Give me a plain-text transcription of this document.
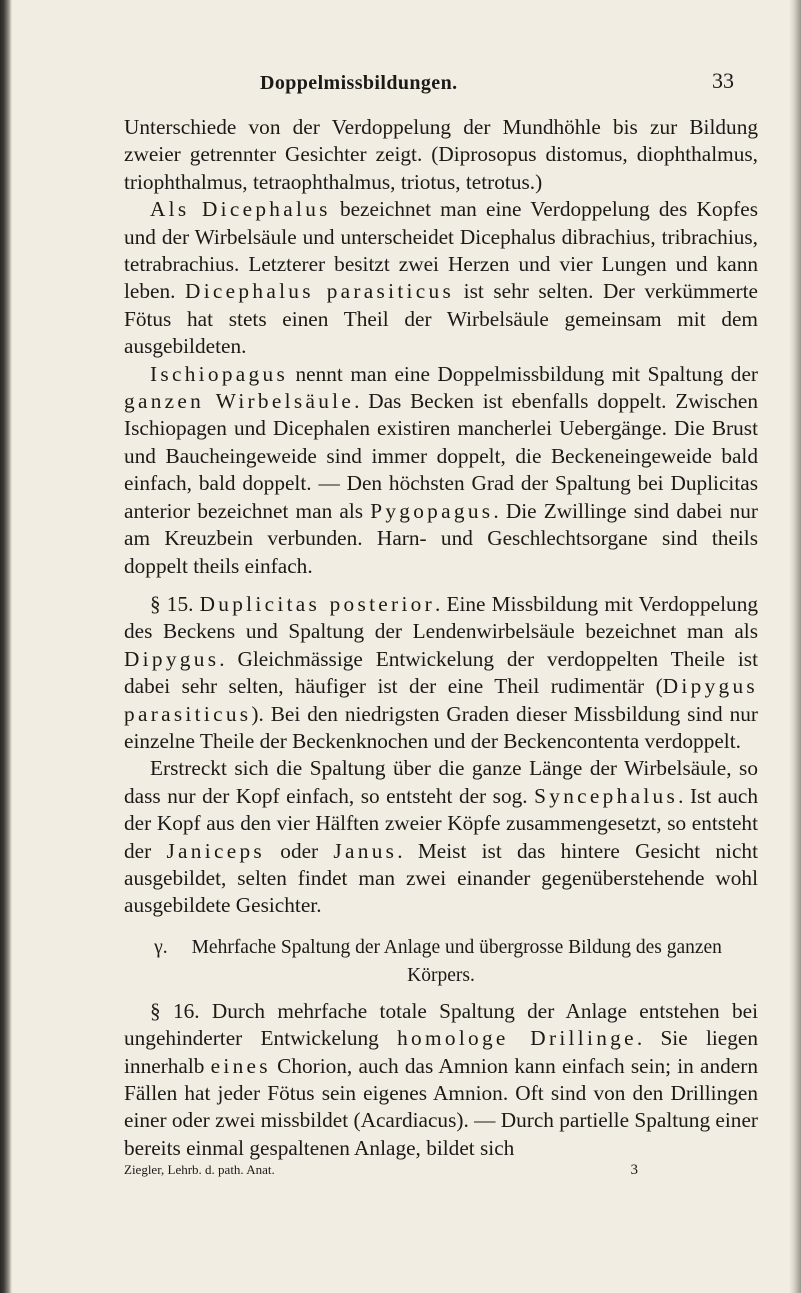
Doppelmissbildungen.	33

Unterschiede von der Verdoppelung der Mundhöhle bis zur Bildung zweier getrennter Gesichter zeigt. (Diprosopus distomus, diophthalmus, triophthalmus, tetraophthalmus, triotus, tetrotus.)

Als Dicephalus bezeichnet man eine Verdoppelung des Kopfes und der Wirbelsäule und unterscheidet Dicephalus dibrachius, tribrachius, tetrabrachius. Letzterer besitzt zwei Herzen und vier Lungen und kann leben. Dicephalus parasiticus ist sehr selten. Der verkümmerte Fötus hat stets einen Theil der Wirbelsäule gemeinsam mit dem ausgebildeten.

Ischiopagus nennt man eine Doppelmissbildung mit Spaltung der ganzen Wirbelsäule. Das Becken ist ebenfalls doppelt. Zwischen Ischiopagen und Dicephalen existiren mancherlei Uebergänge. Die Brust und Baucheingeweide sind immer doppelt, die Beckeneingeweide bald einfach, bald doppelt. — Den höchsten Grad der Spaltung bei Duplicitas anterior bezeichnet man als Pygopagus. Die Zwillinge sind dabei nur am Kreuzbein verbunden. Harn- und Geschlechtsorgane sind theils doppelt theils einfach.

§ 15. Duplicitas posterior. Eine Missbildung mit Verdoppelung des Beckens und Spaltung der Lendenwirbelsäule bezeichnet man als Dipygus. Gleichmässige Entwickelung der verdoppelten Theile ist dabei sehr selten, häufiger ist der eine Theil rudimentär (Dipygus parasiticus). Bei den niedrigsten Graden dieser Missbildung sind nur einzelne Theile der Beckenknochen und der Beckencontenta verdoppelt.

Erstreckt sich die Spaltung über die ganze Länge der Wirbelsäule, so dass nur der Kopf einfach, so entsteht der sog. Syncephalus. Ist auch der Kopf aus den vier Hälften zweier Köpfe zusammengesetzt, so entsteht der Janiceps oder Janus. Meist ist das hintere Gesicht nicht ausgebildet, selten findet man zwei einander gegenüberstehende wohl ausgebildete Gesichter.

γ. Mehrfache Spaltung der Anlage und übergrosse Bildung des ganzen Körpers.

§ 16. Durch mehrfache totale Spaltung der Anlage entstehen bei ungehinderter Entwickelung homologe Drillinge. Sie liegen innerhalb eines Chorion, auch das Amnion kann einfach sein; in andern Fällen hat jeder Fötus sein eigenes Amnion. Oft sind von den Drillingen einer oder zwei missbildet (Acardiacus). — Durch partielle Spaltung einer bereits einmal gespaltenen Anlage, bildet sich

Ziegler, Lehrb. d. path. Anat.	3
